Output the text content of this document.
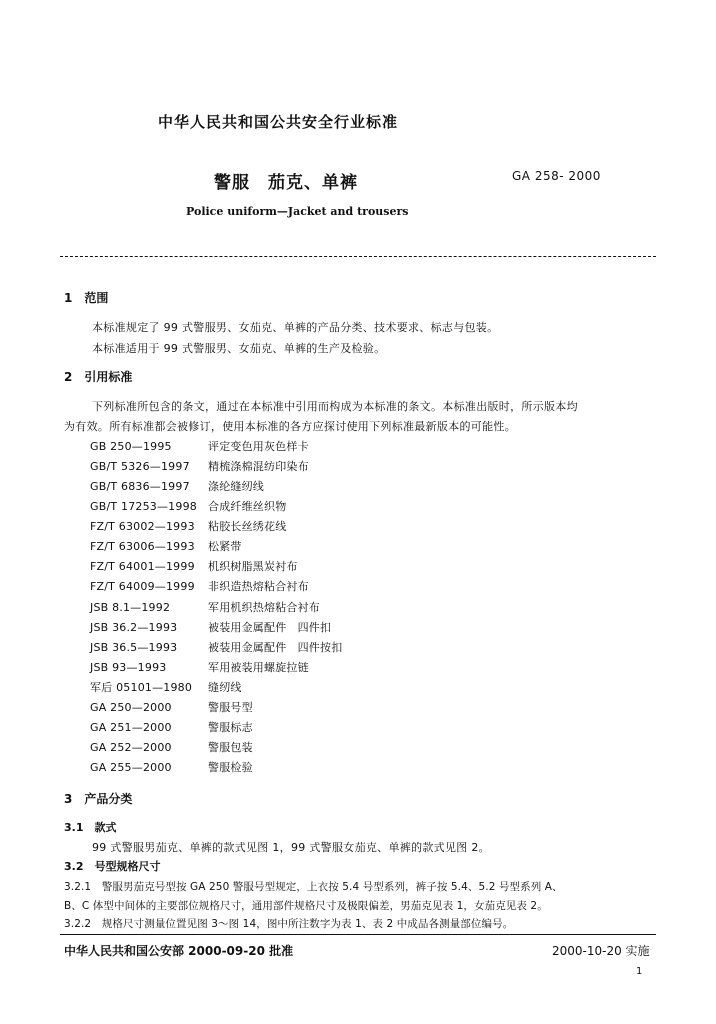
中华人民共和国公共安全行业标准
警服　茄克、单裤	GA 258- 2000
Police uniform—Jacket and trousers
1　范围
本标准规定了 99 式警服男、女茄克、单裤的产品分类、技术要求、标志与包装。
本标准适用于 99 式警服男、女茄克、单裤的生产及检验。
2　引用标准
下列标准所包含的条文，通过在本标准中引用而构成为本标准的条文。本标准出版时，所示版本均
为有效。所有标准都会被修订，使用本标准的各方应探讨使用下列标准最新版本的可能性。
GB 250—1995	评定变色用灰色样卡
GB/T 5326—1997 精梳涤棉混纺印染布
GB/T 6836—1997 涤纶缝纫线
GB/T 17253—1998 合成纤维丝织物
FZ/T 63002—1993 粘胶长丝绣花线
FZ/T 63006—1993 松紧带
FZ/T 64001—1999 机织树脂黑炭衬布
FZ/T 64009—1999 非织造热熔粘合衬布
JSB 8.1—1992	军用机织热熔粘合衬布
JSB 36.2—1993	被装用金属配件　四件扣
JSB 36.5—1993	被装用金属配件　四件按扣
JSB 93—1993	军用被装用螺旋拉链
军后 05101—1980 缝纫线
GA 250—2000	警服号型
GA 251—2000	警服标志
GA 252—2000	警服包装
GA 255—2000	警服检验
3　产品分类
3.1　款式
99 式警服男茄克、单裤的款式见图 1，99 式警服女茄克、单裤的款式见图 2。
3.2　号型规格尺寸
3.2.1　警服男茄克号型按 GA 250 警服号型规定，上衣按 5.4 号型系列，裤子按 5.4、5.2 号型系列 A、
B、C 体型中间体的主要部位规格尺寸，通用部件规格尺寸及极限偏差，男茄克见表 1，女茄克见表 2。
3.2.2　规格尺寸测量位置见图 3～图 14，图中所注数字为表 1、表 2 中成品各测量部位编号。
中华人民共和国公安部 2000-09-20 批准	2000-10-20 实施
1
